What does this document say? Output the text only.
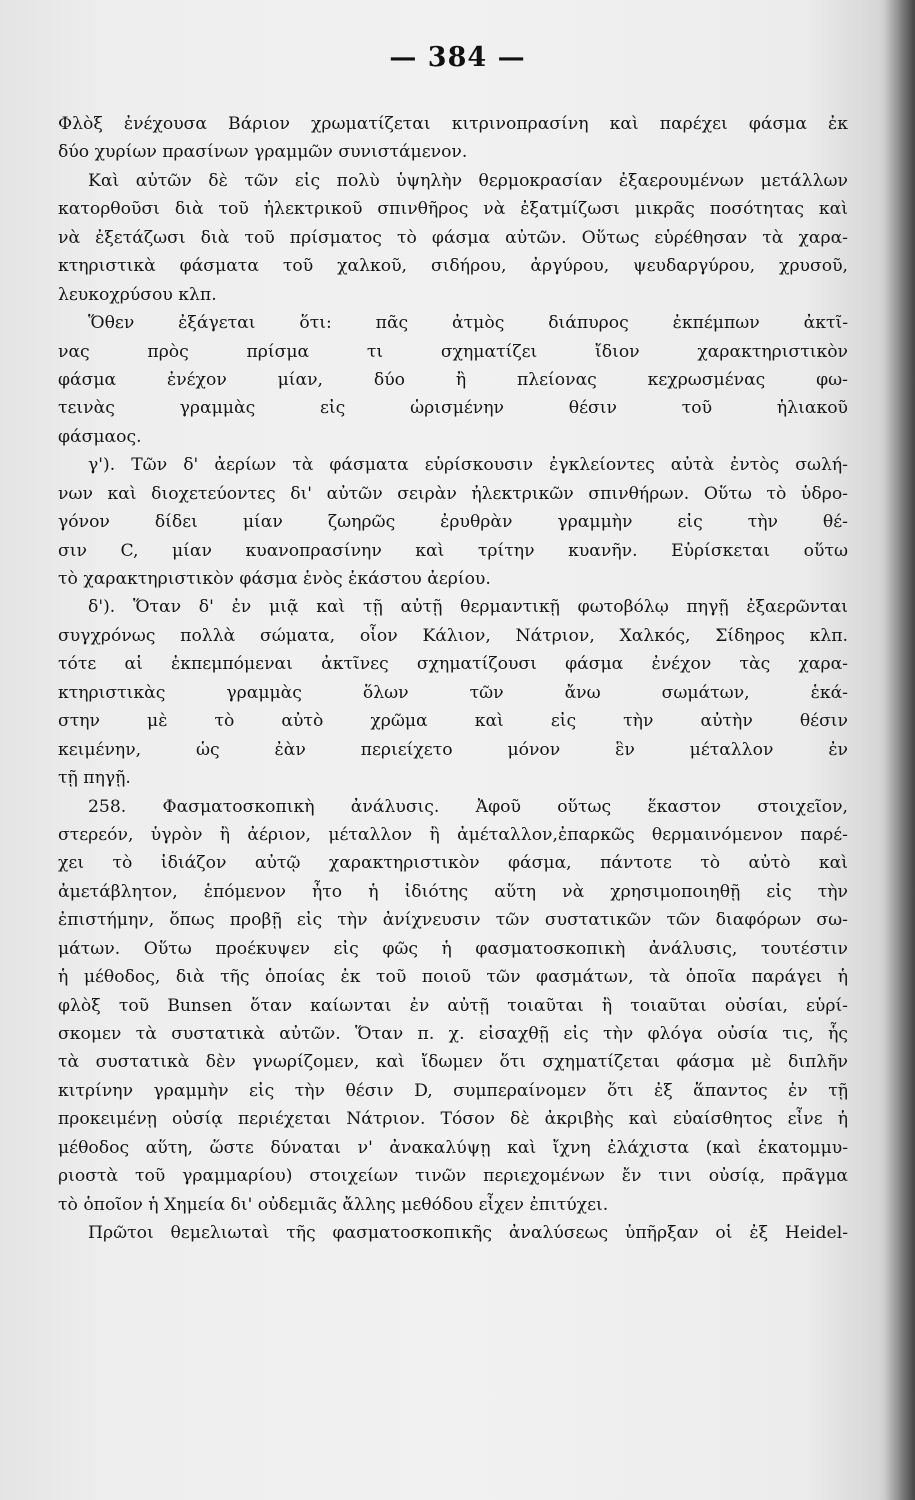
— 384 —
Φλὸξ ἐνέχουσα Βάριον χρωματίζεται κιτρινοπρασίνη καὶ παρέχει φάσμα ἐκ
δύο χυρίων πρασίνων γραμμῶν συνιστάμενον.
Καὶ αὐτῶν δὲ τῶν εἰς πολὺ ὑψηλὴν θερμοκρασίαν ἐξαερουμένων μετάλλων
κατορθοῦσι διὰ τοῦ ἠλεκτρικοῦ σπινθῆρος νὰ ἐξατμίζωσι μικρᾶς ποσότητας καὶ
νὰ ἐξετάζωσι διὰ τοῦ πρίσματος τὸ φάσμα αὐτῶν. Οὕτως εὑρέθησαν τὰ χαρα-
κτηριστικὰ φάσματα τοῦ χαλκοῦ, σιδήρου, ἀργύρου, ψευδαργύρου, χρυσοῦ,
λευκοχρύσου κλπ.
Ὅθεν ἐξάγεται ὅτι: πᾶς ἀτμὸς διάπυρος ἐκπέμπων ἀκτῖ-
νας πρὸς πρίσμα τι σχηματίζει ἴδιον χαρακτηριστικὸν
φάσμα ἐνέχον μίαν, δύο ἢ πλείονας κεχρωσμένας φω-
τεινὰς γραμμὰς εἰς ὡρισμένην θέσιν τοῦ ἡλιακοῦ
φάσμαος.
γ'). Τῶν δ' ἀερίων τὰ φάσματα εὑρίσκουσιν ἐγκλείοντες αὐτὰ ἐντὸς σωλή-
νων καὶ διοχετεύοντες δι' αὐτῶν σειρὰν ἠλεκτρικῶν σπινθήρων. Οὕτω τὸ ὑδρο-
γόνον δίδει μίαν ζωηρῶς ἐρυθρὰν γραμμὴν εἰς τὴν θέ-
σιν C, μίαν κυανοπρασίνην καὶ τρίτην κυανῆν. Εὑρίσκεται οὕτω
τὸ χαρακτηριστικὸν φάσμα ἑνὸς ἑκάστου ἀερίου.
δ'). Ὅταν δ' ἐν μιᾷ καὶ τῇ αὐτῇ θερμαντικῇ φωτοβόλῳ πηγῇ ἐξαερῶνται
συγχρόνως πολλὰ σώματα, οἷον Κάλιον, Νάτριον, Χαλκός, Σίδηρος κλπ.
τότε αἱ ἐκπεμπόμεναι ἀκτῖνες σχηματίζουσι φάσμα ἐνέχον τὰς χαρα-
κτηριστικὰς γραμμὰς ὅλων τῶν ἄνω σωμάτων, ἑκά-
στην μὲ τὸ αὐτὸ χρῶμα καὶ εἰς τὴν αὐτὴν θέσιν
κειμένην, ὡς ἐὰν περιείχετο μόνον ἓν μέταλλον ἐν
τῇ πηγῇ.
258. Φασματοσκοπικὴ ἀνάλυσις. Ἀφοῦ οὕτως ἕκαστον στοιχεῖον,
στερεόν, ὑγρὸν ἢ ἀέριον, μέταλλον ἢ ἀμέταλλον,ἐπαρκῶς θερμαινόμενον παρέ-
χει τὸ ἰδιάζον αὐτῷ χαρακτηριστικὸν φάσμα, πάντοτε τὸ αὐτὸ καὶ
ἀμετάβλητον, ἑπόμενον ἦτο ἡ ἰδιότης αὕτη νὰ χρησιμοποιηθῇ εἰς τὴν
ἐπιστήμην, ὅπως προβῇ εἰς τὴν ἀνίχνευσιν τῶν συστατικῶν τῶν διαφόρων σω-
μάτων. Οὕτω προέκυψεν εἰς φῶς ἡ φασματοσκοπικὴ ἀνάλυσις, τουτέστιν
ἡ μέθοδος, διὰ τῆς ὁποίας ἐκ τοῦ ποιοῦ τῶν φασμάτων, τὰ ὁποῖα παράγει ἡ
φλὸξ τοῦ Bunsen ὅταν καίωνται ἐν αὐτῇ τοιαῦται ἢ τοιαῦται οὐσίαι, εὑρί-
σκομεν τὰ συστατικὰ αὐτῶν. Ὅταν π. χ. εἰσαχθῇ εἰς τὴν φλόγα οὐσία τις, ἧς
τὰ συστατικὰ δὲν γνωρίζομεν, καὶ ἴδωμεν ὅτι σχηματίζεται φάσμα μὲ διπλῆν
κιτρίνην γραμμὴν εἰς τὴν θέσιν D, συμπεραίνομεν ὅτι ἐξ ἅπαντος ἐν τῇ
προκειμένῃ οὐσίᾳ περιέχεται Νάτριον. Τόσον δὲ ἀκριβὴς καὶ εὐαίσθητος εἶνε ἡ
μέθοδος αὕτη, ὥστε δύναται ν' ἀνακαλύψῃ καὶ ἴχνη ἐλάχιστα (καὶ ἑκατομμυ-
ριοστὰ τοῦ γραμμαρίου) στοιχείων τινῶν περιεχομένων ἔν τινι οὐσίᾳ, πρᾶγμα
τὸ ὁποῖον ἡ Χημεία δι' οὐδεμιᾶς ἄλλης μεθόδου εἶχεν ἐπιτύχει.
Πρῶτοι θεμελιωταὶ τῆς φασματοσκοπικῆς ἀναλύσεως ὑπῆρξαν οἱ ἐξ Heidel-
